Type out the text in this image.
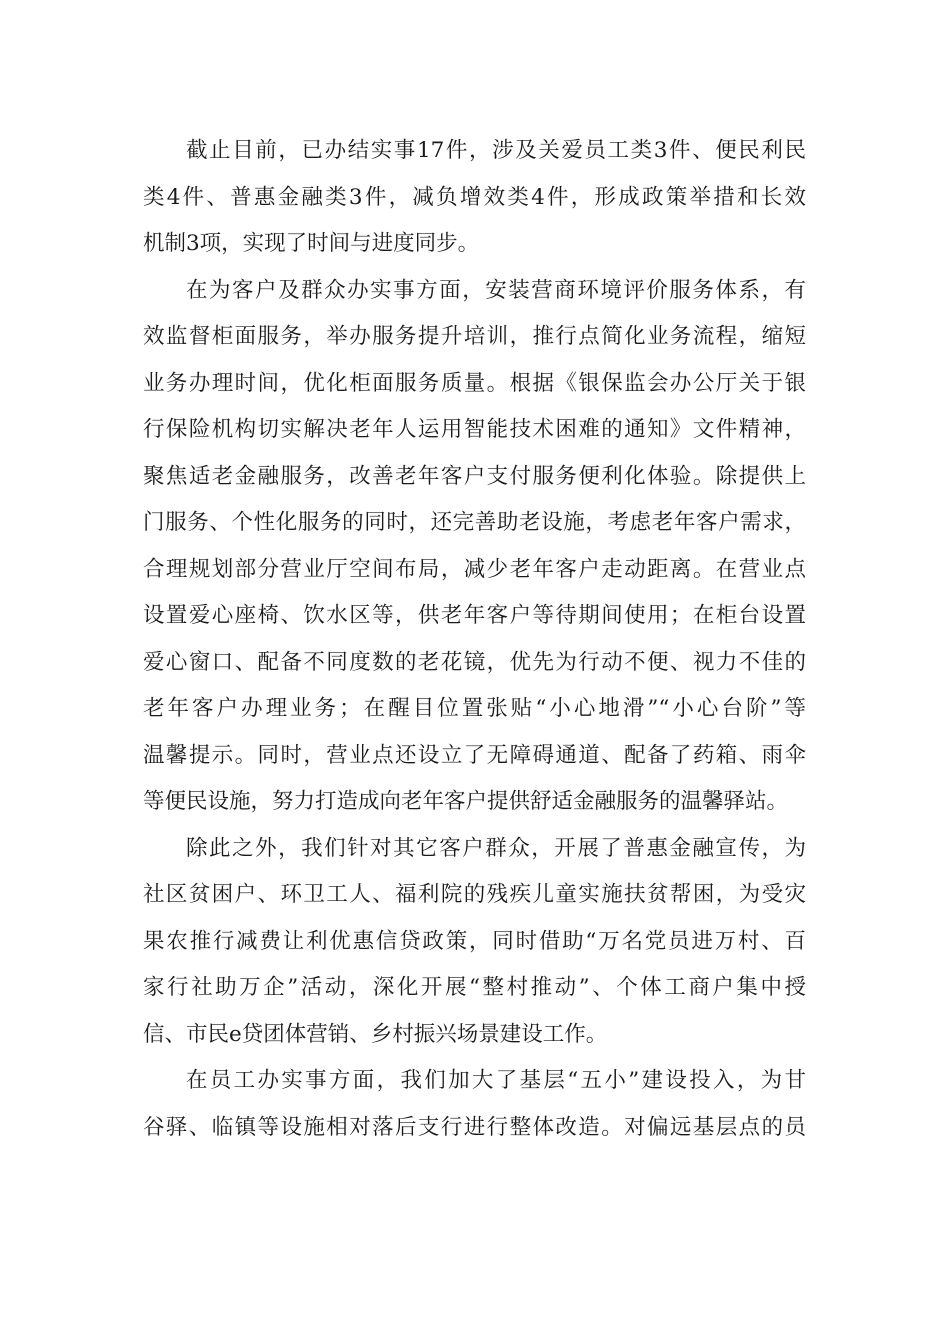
截止目前，已办结实事17件，涉及关爱员工类3件、便民利民
类4件、普惠金融类3件，减负增效类4件，形成政策举措和长效
机制3项，实现了时间与进度同步。
在为客户及群众办实事方面，安装营商环境评价服务体系，有
效监督柜面服务，举办服务提升培训，推行点简化业务流程，缩短
业务办理时间，优化柜面服务质量。根据《银保监会办公厅关于银
行保险机构切实解决老年人运用智能技术困难的通知》文件精神，
聚焦适老金融服务，改善老年客户支付服务便利化体验。除提供上
门服务、个性化服务的同时，还完善助老设施，考虑老年客户需求，
合理规划部分营业厅空间布局，减少老年客户走动距离。在营业点
设置爱心座椅、饮水区等，供老年客户等待期间使用；在柜台设置
爱心窗口、配备不同度数的老花镜，优先为行动不便、视力不佳的
老年客户办理业务；在醒目位置张贴“小心地滑”“小心台阶”等
温馨提示。同时，营业点还设立了无障碍通道、配备了药箱、雨伞
等便民设施，努力打造成向老年客户提供舒适金融服务的温馨驿站。
除此之外，我们针对其它客户群众，开展了普惠金融宣传，为
社区贫困户、环卫工人、福利院的残疾儿童实施扶贫帮困，为受灾
果农推行减费让利优惠信贷政策，同时借助“万名党员进万村、百
家行社助万企”活动，深化开展“整村推动”、个体工商户集中授
信、市民e贷团体营销、乡村振兴场景建设工作。
在员工办实事方面，我们加大了基层“五小”建设投入，为甘
谷驿、临镇等设施相对落后支行进行整体改造。对偏远基层点的员
